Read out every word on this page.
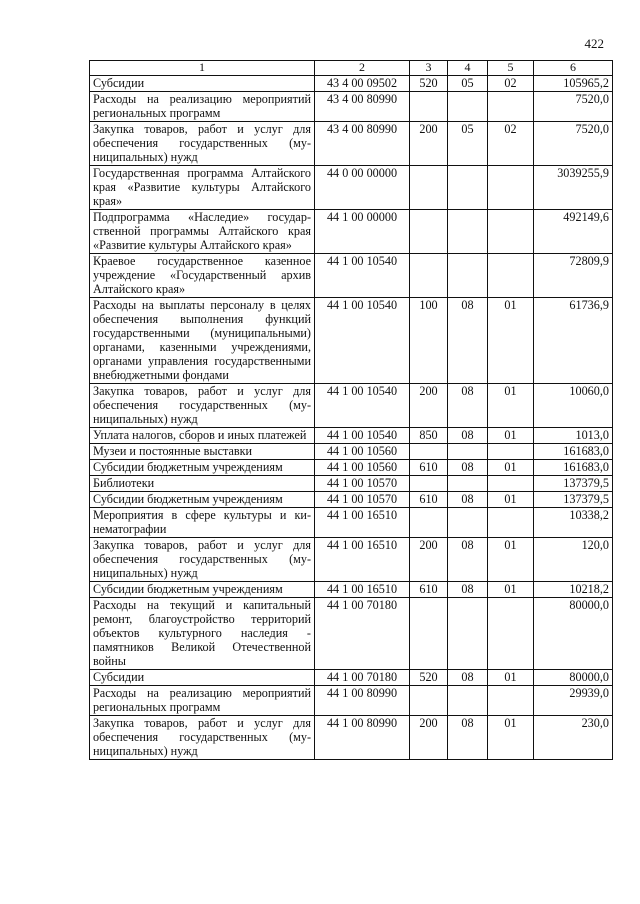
422
1	2	3	4	5	6
Субсидии	43 4 00 09502	520	05	02	105965,2
Расходы на реализацию мероприятий региональных программ	43 4 00 80990				7520,0
Закупка товаров, работ и услуг для обеспечения государственных (муниципальных) нужд	43 4 00 80990	200	05	02	7520,0
Государственная программа Алтайского края «Развитие культуры Алтайского края»	44 0 00 00000				3039255,9
Подпрограмма «Наследие» государственной программы Алтайского края «Развитие культуры Алтайского края»	44 1 00 00000				492149,6
Краевое государственное казенное учреждение «Государственный архив Алтайского края»	44 1 00 10540				72809,9
Расходы на выплаты персоналу в целях обеспечения выполнения функций государственными (муниципальными) органами, казенными учреждениями, органами управления государственными внебюджетными фондами	44 1 00 10540	100	08	01	61736,9
Закупка товаров, работ и услуг для обеспечения государственных (муниципальных) нужд	44 1 00 10540	200	08	01	10060,0
Уплата налогов, сборов и иных платежей	44 1 00 10540	850	08	01	1013,0
Музеи и постоянные выставки	44 1 00 10560				161683,0
Субсидии бюджетным учреждениям	44 1 00 10560	610	08	01	161683,0
Библиотеки	44 1 00 10570				137379,5
Субсидии бюджетным учреждениям	44 1 00 10570	610	08	01	137379,5
Мероприятия в сфере культуры и кинематографии	44 1 00 16510				10338,2
Закупка товаров, работ и услуг для обеспечения государственных (муниципальных) нужд	44 1 00 16510	200	08	01	120,0
Субсидии бюджетным учреждениям	44 1 00 16510	610	08	01	10218,2
Расходы на текущий и капитальный ремонт, благоустройство территорий объектов культурного наследия - памятников Великой Отечественной войны	44 1 00 70180				80000,0
Субсидии	44 1 00 70180	520	08	01	80000,0
Расходы на реализацию мероприятий региональных программ	44 1 00 80990				29939,0
Закупка товаров, работ и услуг для обеспечения государственных (муниципальных) нужд	44 1 00 80990	200	08	01	230,0
